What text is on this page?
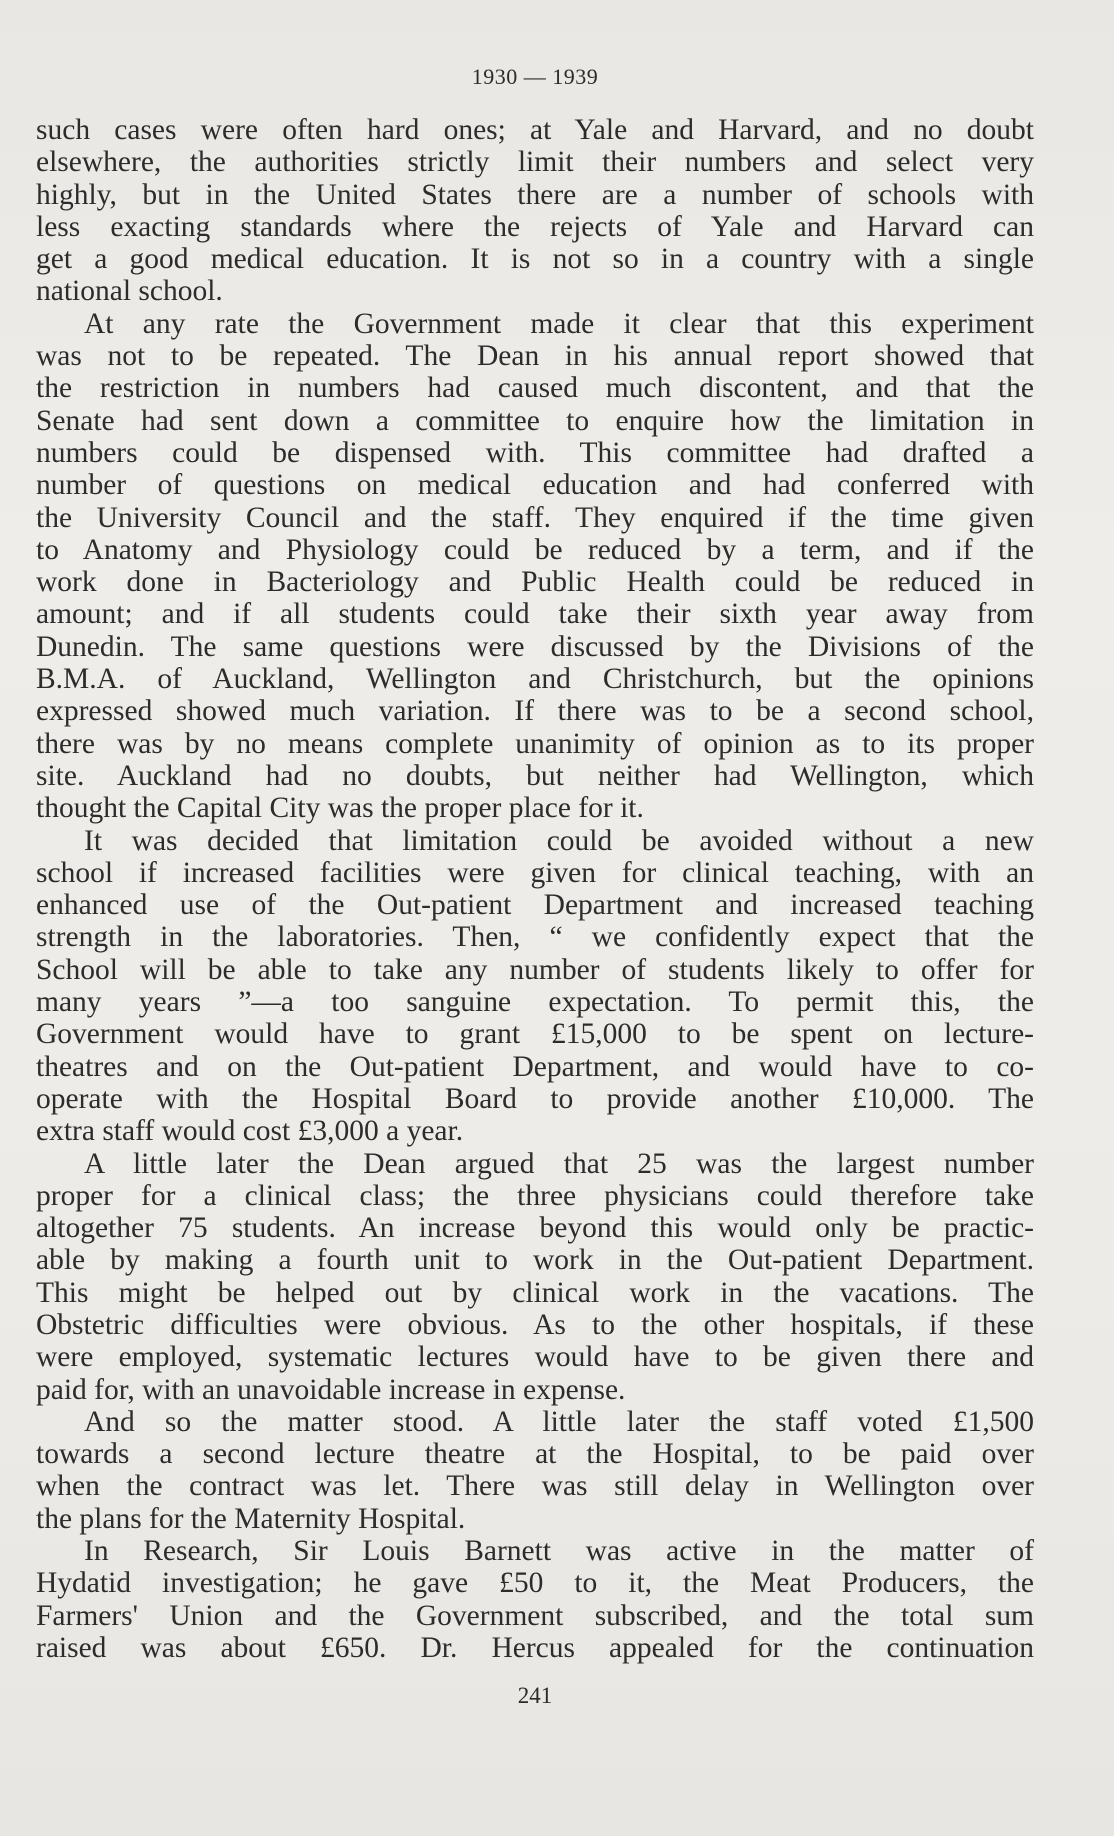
1930 — 1939
such cases were often hard ones; at Yale and Harvard, and no doubt
elsewhere, the authorities strictly limit their numbers and select very
highly, but in the United States there are a number of schools with
less exacting standards where the rejects of Yale and Harvard can
get a good medical education. It is not so in a country with a single
national school.
At any rate the Government made it clear that this experiment
was not to be repeated. The Dean in his annual report showed that
the restriction in numbers had caused much discontent, and that the
Senate had sent down a committee to enquire how the limitation in
numbers could be dispensed with. This committee had drafted a
number of questions on medical education and had conferred with
the University Council and the staff. They enquired if the time given
to Anatomy and Physiology could be reduced by a term, and if the
work done in Bacteriology and Public Health could be reduced in
amount; and if all students could take their sixth year away from
Dunedin. The same questions were discussed by the Divisions of the
B.M.A. of Auckland, Wellington and Christchurch, but the opinions
expressed showed much variation. If there was to be a second school,
there was by no means complete unanimity of opinion as to its proper
site. Auckland had no doubts, but neither had Wellington, which
thought the Capital City was the proper place for it.
It was decided that limitation could be avoided without a new
school if increased facilities were given for clinical teaching, with an
enhanced use of the Out-patient Department and increased teaching
strength in the laboratories. Then, “ we confidently expect that the
School will be able to take any number of students likely to offer for
many years ”—a too sanguine expectation. To permit this, the
Government would have to grant £15,000 to be spent on lecture-
theatres and on the Out-patient Department, and would have to co-
operate with the Hospital Board to provide another £10,000. The
extra staff would cost £3,000 a year.
A little later the Dean argued that 25 was the largest number
proper for a clinical class; the three physicians could therefore take
altogether 75 students. An increase beyond this would only be practic-
able by making a fourth unit to work in the Out-patient Department.
This might be helped out by clinical work in the vacations. The
Obstetric difficulties were obvious. As to the other hospitals, if these
were employed, systematic lectures would have to be given there and
paid for, with an unavoidable increase in expense.
And so the matter stood. A little later the staff voted £1,500
towards a second lecture theatre at the Hospital, to be paid over
when the contract was let. There was still delay in Wellington over
the plans for the Maternity Hospital.
In Research, Sir Louis Barnett was active in the matter of
Hydatid investigation; he gave £50 to it, the Meat Producers, the
Farmers' Union and the Government subscribed, and the total sum
raised was about £650. Dr. Hercus appealed for the continuation
241
